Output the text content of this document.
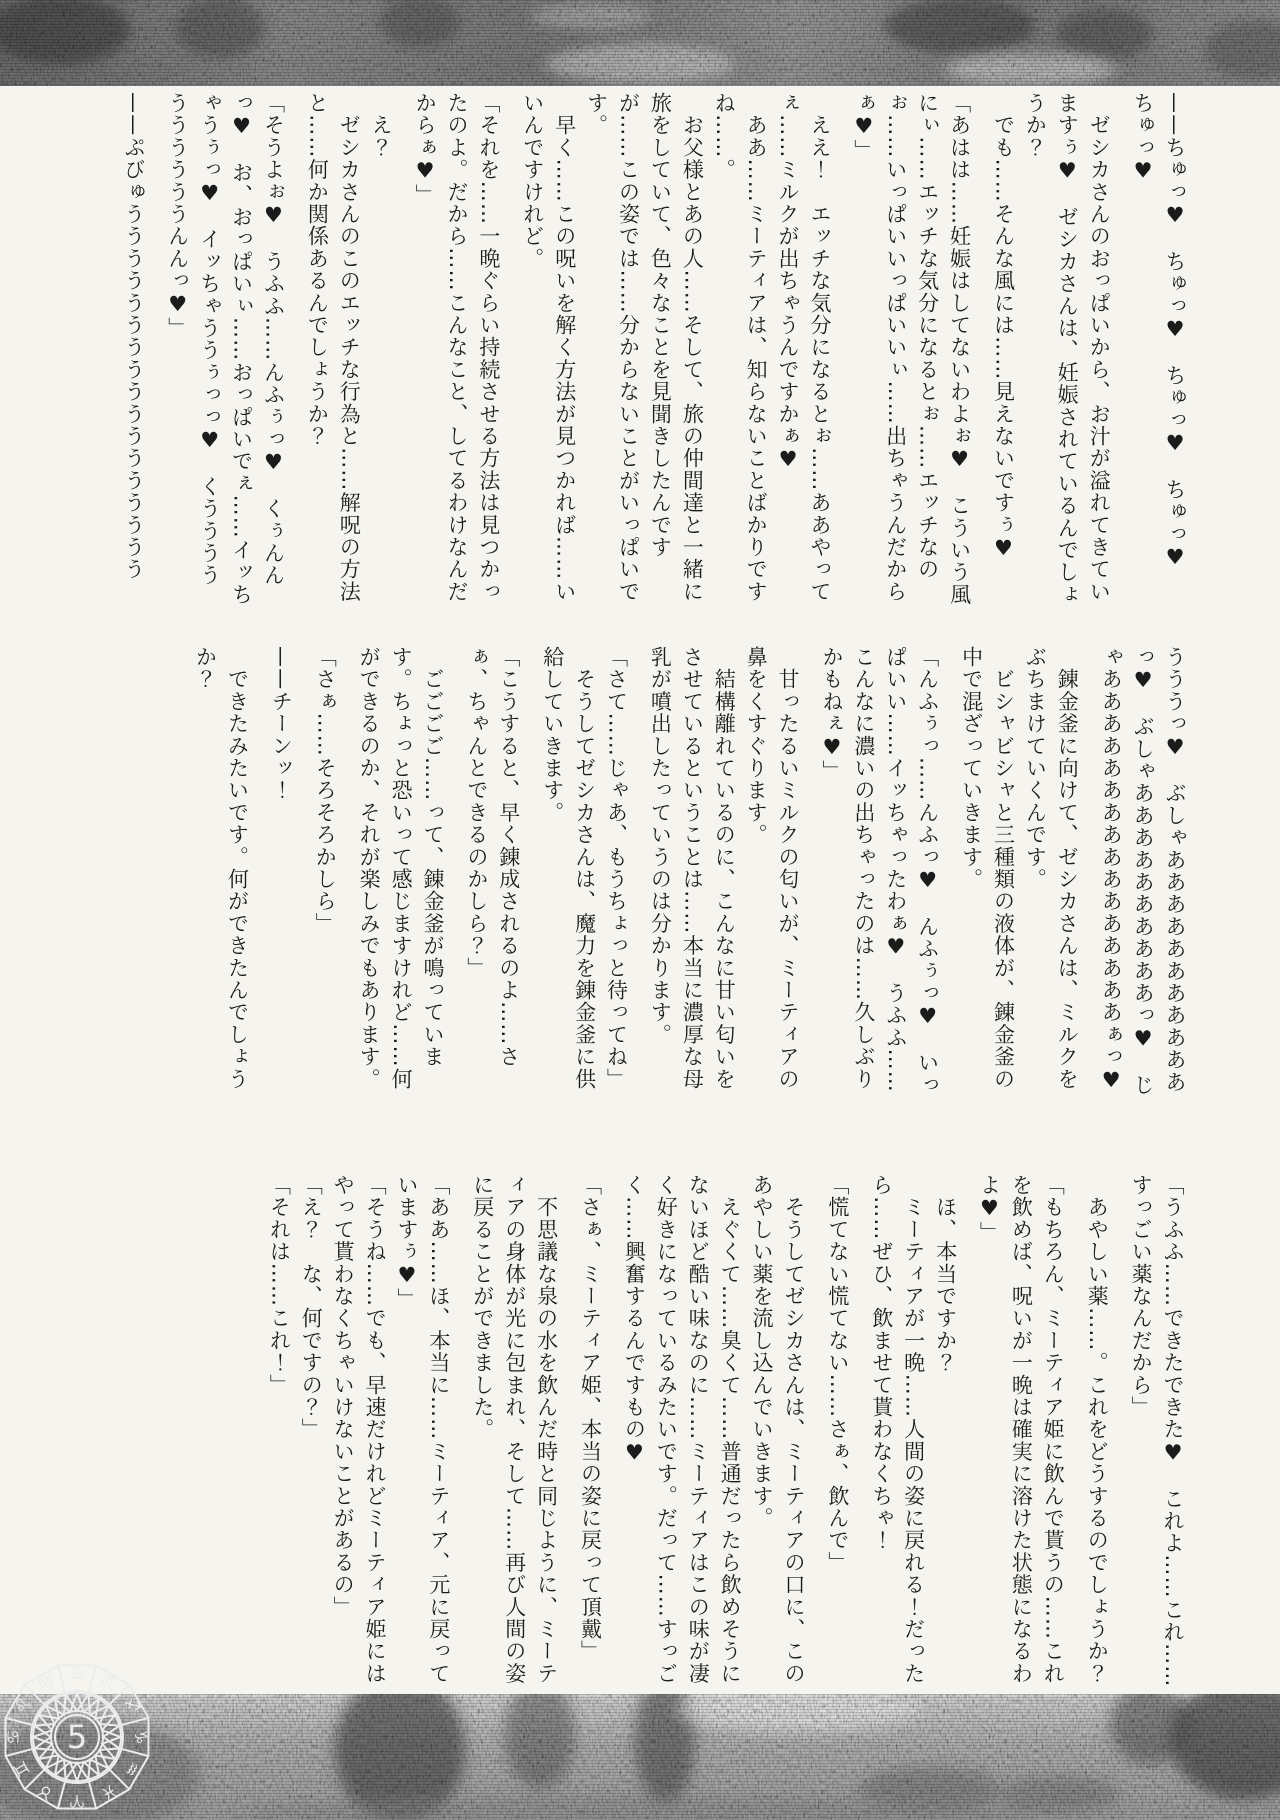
——ちゅっ♥　ちゅっ♥　ちゅっ♥　ちゅっ♥　ちゅっ♥

　ゼシカさんのおっぱいから、お汁が溢れてきていますぅ♥　ゼシカさんは、妊娠されているんでしょうか？

　でも……そんな風には……見えないですぅ♥

「あはは……妊娠はしてないわよぉ♥　こういう風にぃ……エッチな気分になるとぉ……エッチなのぉ……いっぱいいっぱいいぃ……出ちゃうんだからぁ♥」

　ええ！　エッチな気分になるとぉ……ああやってぇ……ミルクが出ちゃうんですかぁ♥

　ああ……ミーティアは、知らないことばかりですね……。

　お父様とあの人……そして、旅の仲間達と一緒に旅をしていて、色々なことを見聞きしたんですが……この姿では……分からないことがいっぱいです。

　早く……この呪いを解く方法が見つかれば……いいんですけれど。

「それを……一晩ぐらい持続させる方法は見つかったのよ。だから……こんなこと、してるわけなんだからぁ♥」

　え？

　ゼシカさんのこのエッチな行為と……解呪の方法と……何か関係あるんでしょうか？

「そうよぉ♥　うふふ……んふぅっ♥　くぅんんっ♥　お、おっぱいぃ……おっぱいでぇ……イッちゃうぅっ♥　イッちゃううぅっっ♥　くううううううううううんんっ♥」

——ぷびゅううううううううううううううううう

うううっ♥　ぶしゃあああああああああああっ♥　ぶしゃああああああああああっ♥　じゃああああああああああああああああぁっ♥

　錬金釜に向けて、ゼシカさんは、ミルクをぶちまけていくんです。

　ビシャビシャと三種類の液体が、錬金釜の中で混ざっていきます。

「んふぅっ……んふっ♥　んふぅっ♥　いっぱいい……イッちゃったわぁ♥　うふふ……こんなに濃いの出ちゃったのは……久しぶりかもねぇ♥」

　甘ったるいミルクの匂いが、ミーティアの鼻をくすぐります。

　結構離れているのに、こんなに甘い匂いをさせているということは……本当に濃厚な母乳が噴出したっていうのは分かります。

「さて……じゃあ、もうちょっと待ってね」

　そうしてゼシカさんは、魔力を錬金釜に供給していきます。

「こうすると、早く錬成されるのよ……さぁ、ちゃんとできるのかしら？」

　ごごごご……って、錬金釜が鳴っています。ちょっと恐いって感じますけれど……何ができるのか、それが楽しみでもあります。

「さぁ……そろそろかしら」

——チーンッ！

　できたみたいです。何ができたんでしょうか？

「うふふ……できたできた♥　これよ……これ……すっごい薬なんだから」

　あやしい薬……。これをどうするのでしょうか？

「もちろん、ミーティア姫に飲んで貰うの……これを飲めば、呪いが一晩は確実に溶けた状態になるわよ♥」

　ほ、本当ですか？

　ミーティアが一晩……人間の姿に戻れる！だったら……ぜひ、飲ませて貰わなくちゃ！

「慌てない慌てない……さぁ、飲んで」

　そうしてゼシカさんは、ミーティアの口に、このあやしい薬を流し込んでいきます。

　えぐくて……臭くて……普通だったら飲めそうにないほど酷い味なのに……ミーティアはこの味が凄く好きになっているみたいです。だって……すっごく……興奮するんですもの♥

「さぁ、ミーティア姫、本当の姿に戻って頂戴」

　不思議な泉の水を飲んだ時と同じように、ミーティアの身体が光に包まれ、そして……再び人間の姿に戻ることができました。

「ああ……ほ、本当に……ミーティア、元に戻っていますぅ♥」

「そうね……でも、早速だけれどミーティア姫にはやって貰わなくちゃいけないことがあるの」

「え？　な、何ですの？」

「それは……これ！」

♎ ♏
♐
♑
♒
♓
♈
♉
♊
♋
♌
♍
5
